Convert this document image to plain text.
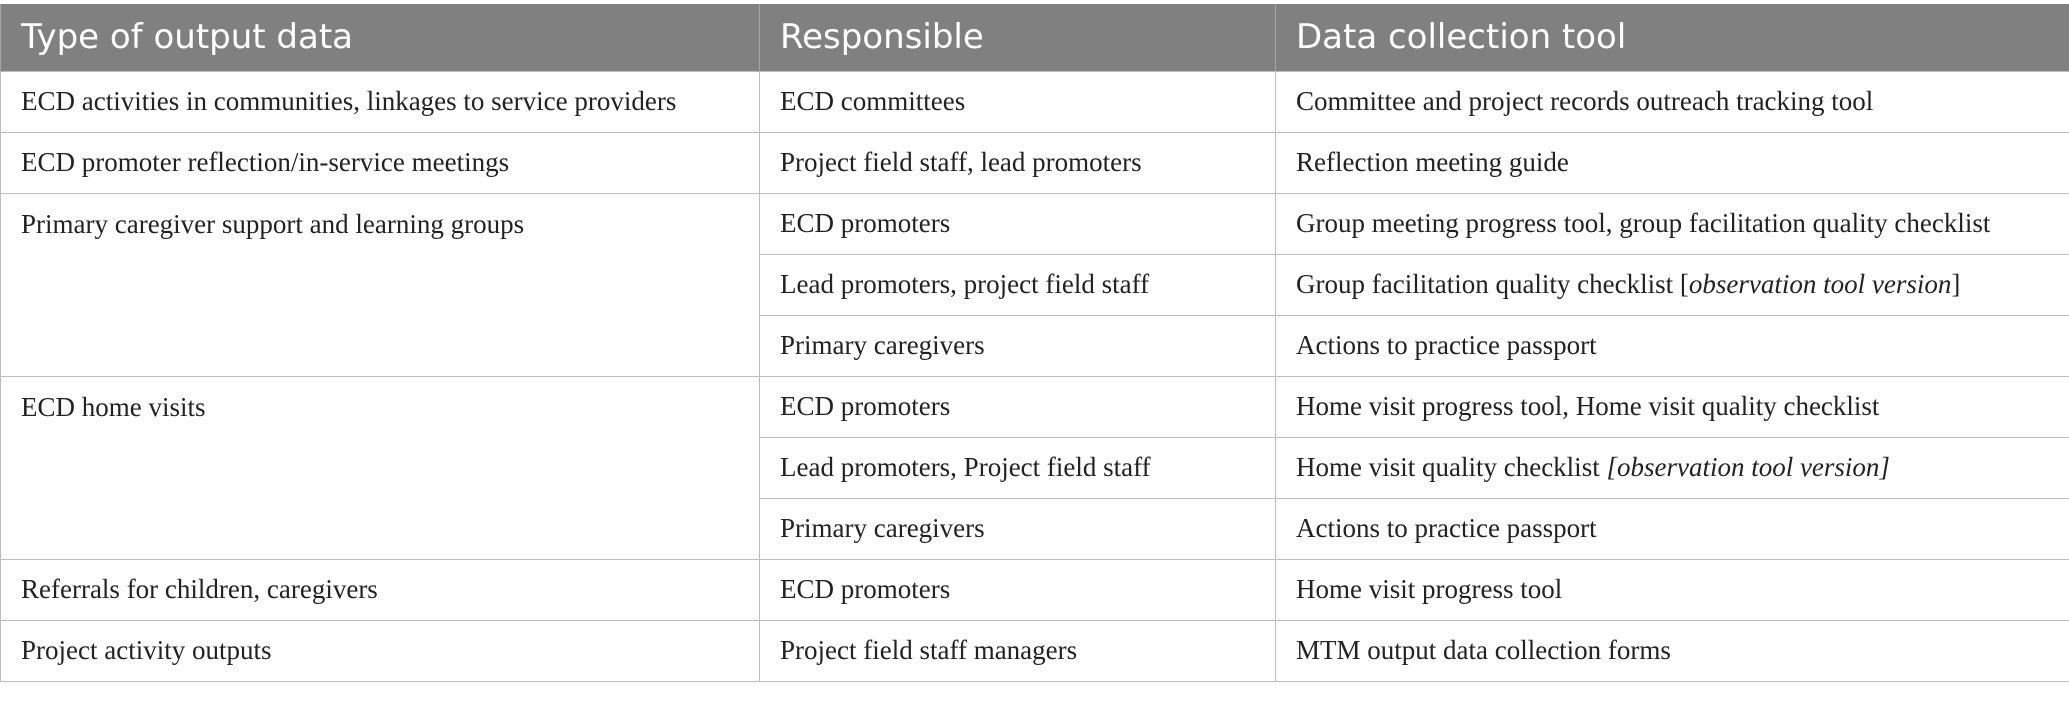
Type of output data	Responsible	Data collection tool
ECD activities in communities, linkages to service providers	ECD committees	Committee and project records outreach tracking tool
ECD promoter reflection/in-service meetings	Project field staff, lead promoters	Reflection meeting guide
Primary caregiver support and learning groups	ECD promoters	Group meeting progress tool, group facilitation quality checklist
	Lead promoters, project field staff	Group facilitation quality checklist [observation tool version]
	Primary caregivers	Actions to practice passport
ECD home visits	ECD promoters	Home visit progress tool, Home visit quality checklist
	Lead promoters, Project field staff	Home visit quality checklist [observation tool version]
	Primary caregivers	Actions to practice passport
Referrals for children, caregivers	ECD promoters	Home visit progress tool
Project activity outputs	Project field staff managers	MTM output data collection forms
